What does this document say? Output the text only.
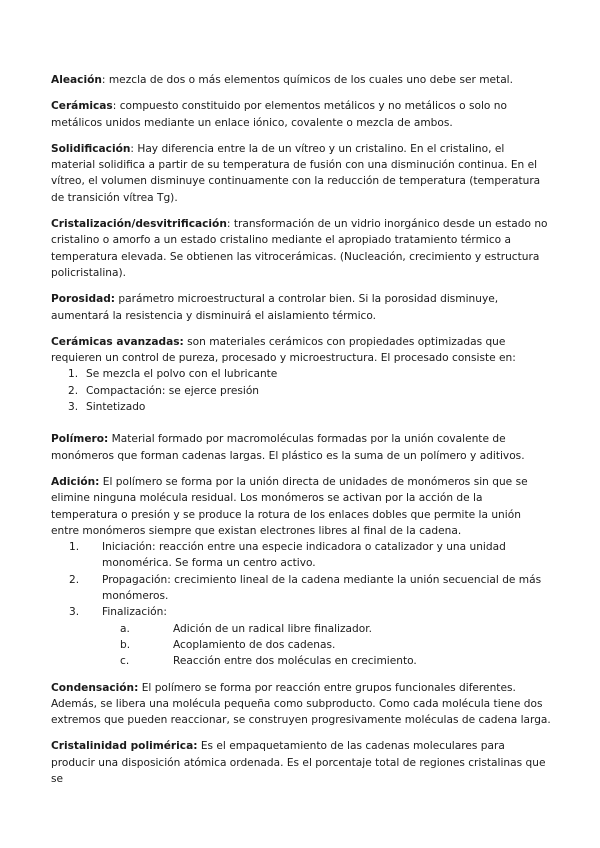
Aleación: mezcla de dos o más elementos químicos de los cuales uno debe ser metal.

Cerámicas: compuesto constituido por elementos metálicos y no metálicos o solo no metálicos unidos mediante un enlace iónico, covalente o mezcla de ambos.

Solidificación: Hay diferencia entre la de un vítreo y un cristalino. En el cristalino, el material solidifica a partir de su temperatura de fusión con una disminución continua. En el vítreo, el volumen disminuye continuamente con la reducción de temperatura (temperatura de transición vítrea Tg).

Cristalización/desvitrificación: transformación de un vidrio inorgánico desde un estado no cristalino o amorfo a un estado cristalino mediante el apropiado tratamiento térmico a temperatura elevada. Se obtienen las vitrocerámicas. (Nucleación, crecimiento y estructura policristalina).

Porosidad: parámetro microestructural a controlar bien. Si la porosidad disminuye, aumentará la resistencia y disminuirá el aislamiento térmico.

Cerámicas avanzadas: son materiales cerámicos con propiedades optimizadas que requieren un control de pureza, procesado y microestructura. El procesado consiste en:

1. Se mezcla el polvo con el lubricante
2. Compactación: se ejerce presión
3. Sintetizado

Polímero: Material formado por macromoléculas formadas por la unión covalente de monómeros que forman cadenas largas. El plástico es la suma de un polímero y aditivos.

Adición: El polímero se forma por la unión directa de unidades de monómeros sin que se elimine ninguna molécula residual. Los monómeros se activan por la acción de la temperatura o presión y se produce la rotura de los enlaces dobles que permite la unión entre monómeros siempre que existan electrones libres al final de la cadena.

1. Iniciación: reacción entre una especie indicadora o catalizador y una unidad monomérica. Se forma un centro activo.
2. Propagación: crecimiento lineal de la cadena mediante la unión secuencial de más monómeros.
3. Finalización:
a.	Adición de un radical libre finalizador.
b.	Acoplamiento de dos cadenas.
c.	Reacción entre dos moléculas en crecimiento.

Condensación: El polímero se forma por reacción entre grupos funcionales diferentes. Además, se libera una molécula pequeña como subproducto. Como cada molécula tiene dos extremos que pueden reaccionar, se construyen progresivamente moléculas de cadena larga.

Cristalinidad polimérica: Es el empaquetamiento de las cadenas moleculares para producir una disposición atómica ordenada. Es el porcentaje total de regiones cristalinas que se
